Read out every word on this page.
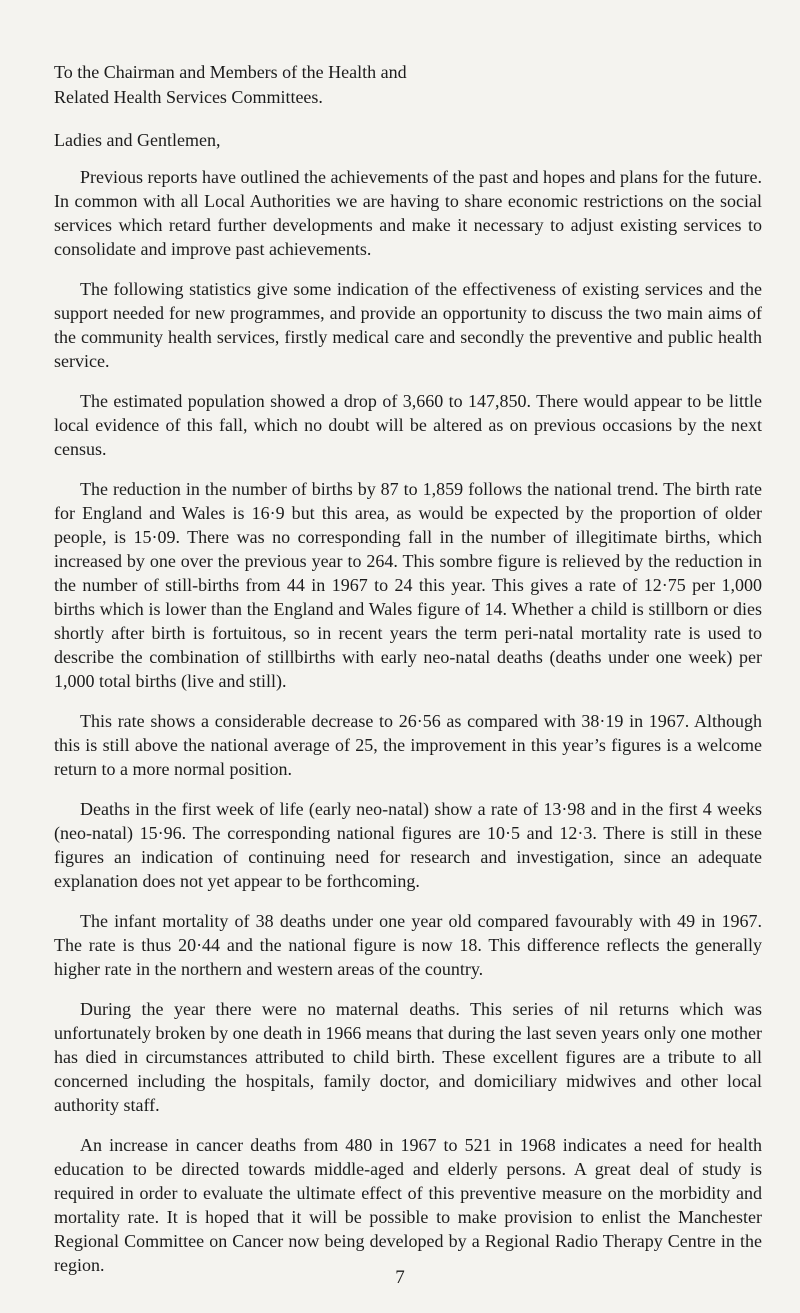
To the Chairman and Members of the Health and
Related Health Services Committees.

Ladies and Gentlemen,

Previous reports have outlined the achievements of the past and hopes and plans for the future. In common with all Local Authorities we are having to share economic restrictions on the social services which retard further developments and make it necessary to adjust existing services to consolidate and improve past achievements.

The following statistics give some indication of the effectiveness of existing services and the support needed for new programmes, and provide an opportunity to discuss the two main aims of the community health services, firstly medical care and secondly the preventive and public health service.

The estimated population showed a drop of 3,660 to 147,850. There would appear to be little local evidence of this fall, which no doubt will be altered as on previous occasions by the next census.

The reduction in the number of births by 87 to 1,859 follows the national trend. The birth rate for England and Wales is 16·9 but this area, as would be expected by the proportion of older people, is 15·09. There was no corresponding fall in the number of illegitimate births, which increased by one over the previous year to 264. This sombre figure is relieved by the reduction in the number of still-births from 44 in 1967 to 24 this year. This gives a rate of 12·75 per 1,000 births which is lower than the England and Wales figure of 14. Whether a child is stillborn or dies shortly after birth is fortuitous, so in recent years the term peri-natal mortality rate is used to describe the combination of stillbirths with early neo-natal deaths (deaths under one week) per 1,000 total births (live and still).

This rate shows a considerable decrease to 26·56 as compared with 38·19 in 1967. Although this is still above the national average of 25, the improvement in this year’s figures is a welcome return to a more normal position.

Deaths in the first week of life (early neo-natal) show a rate of 13·98 and in the first 4 weeks (neo-natal) 15·96. The corresponding national figures are 10·5 and 12·3. There is still in these figures an indication of continuing need for research and investigation, since an adequate explanation does not yet appear to be forthcoming.

The infant mortality of 38 deaths under one year old compared favourably with 49 in 1967. The rate is thus 20·44 and the national figure is now 18. This difference reflects the generally higher rate in the northern and western areas of the country.

During the year there were no maternal deaths. This series of nil returns which was unfortunately broken by one death in 1966 means that during the last seven years only one mother has died in circumstances attributed to child birth. These excellent figures are a tribute to all concerned including the hospitals, family doctor, and domiciliary midwives and other local authority staff.

An increase in cancer deaths from 480 in 1967 to 521 in 1968 indicates a need for health education to be directed towards middle-aged and elderly persons. A great deal of study is required in order to evaluate the ultimate effect of this preventive measure on the morbidity and mortality rate. It is hoped that it will be possible to make provision to enlist the Manchester Regional Committee on Cancer now being developed by a Regional Radio Therapy Centre in the region.

7
